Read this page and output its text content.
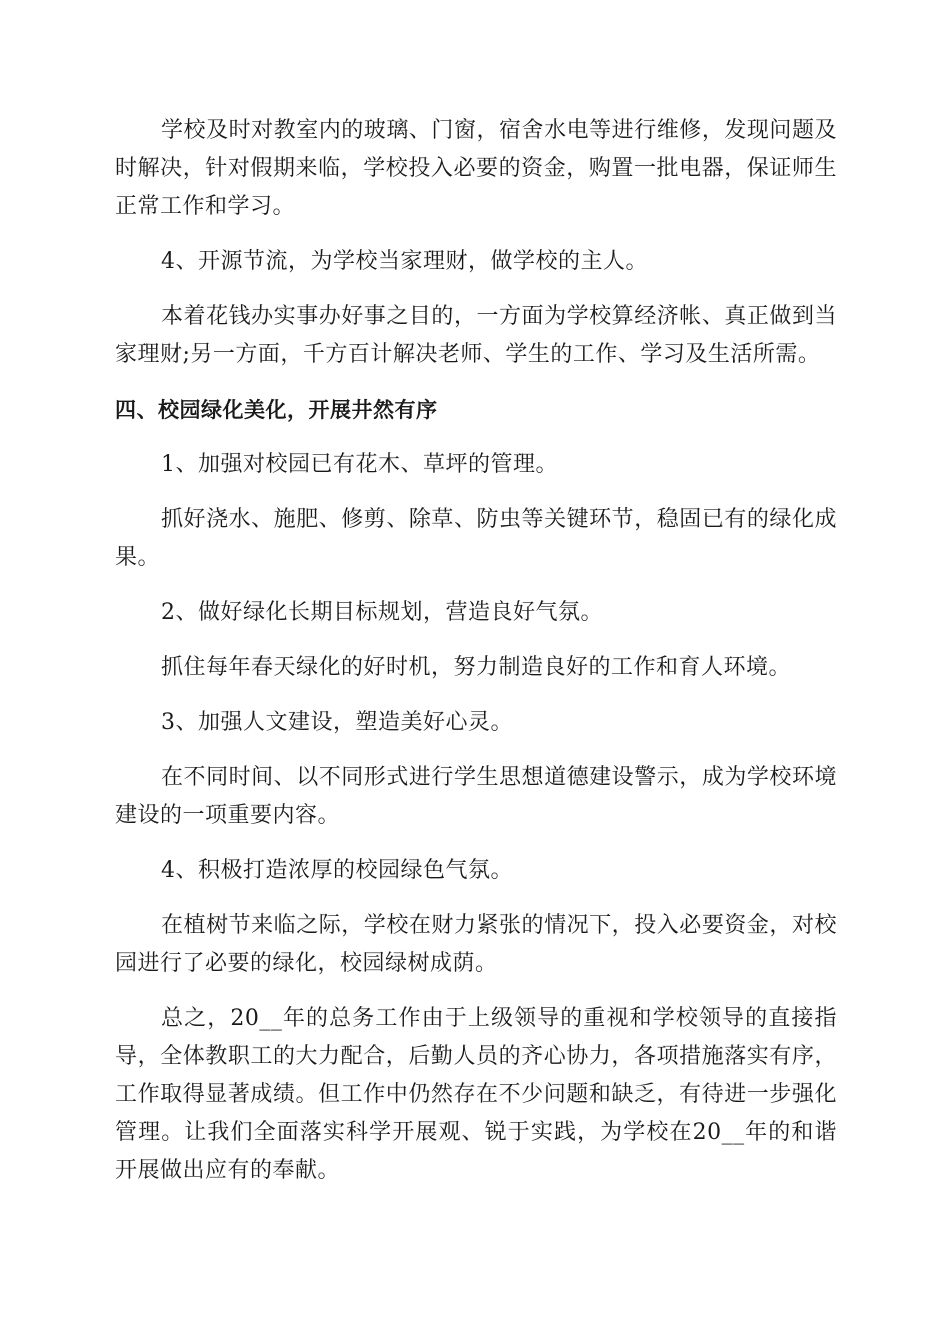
学校及时对教室内的玻璃、门窗，宿舍水电等进行维修，发现问题及时解决，针对假期来临，学校投入必要的资金，购置一批电器，保证师生正常工作和学习。

4、开源节流，为学校当家理财，做学校的主人。

本着花钱办实事办好事之目的，一方面为学校算经济帐、真正做到当家理财;另一方面，千方百计解决老师、学生的工作、学习及生活所需。

四、校园绿化美化，开展井然有序

1、加强对校园已有花木、草坪的管理。

抓好浇水、施肥、修剪、除草、防虫等关键环节，稳固已有的绿化成果。

2、做好绿化长期目标规划，营造良好气氛。

抓住每年春天绿化的好时机，努力制造良好的工作和育人环境。

3、加强人文建设，塑造美好心灵。

在不同时间、以不同形式进行学生思想道德建设警示，成为学校环境建设的一项重要内容。

4、积极打造浓厚的校园绿色气氛。

在植树节来临之际，学校在财力紧张的情况下，投入必要资金，对校园进行了必要的绿化，校园绿树成荫。

总之，20__年的总务工作由于上级领导的重视和学校领导的直接指导，全体教职工的大力配合，后勤人员的齐心协力，各项措施落实有序，工作取得显著成绩。但工作中仍然存在不少问题和缺乏，有待进一步强化管理。让我们全面落实科学开展观、锐于实践，为学校在20__年的和谐开展做出应有的奉献。
